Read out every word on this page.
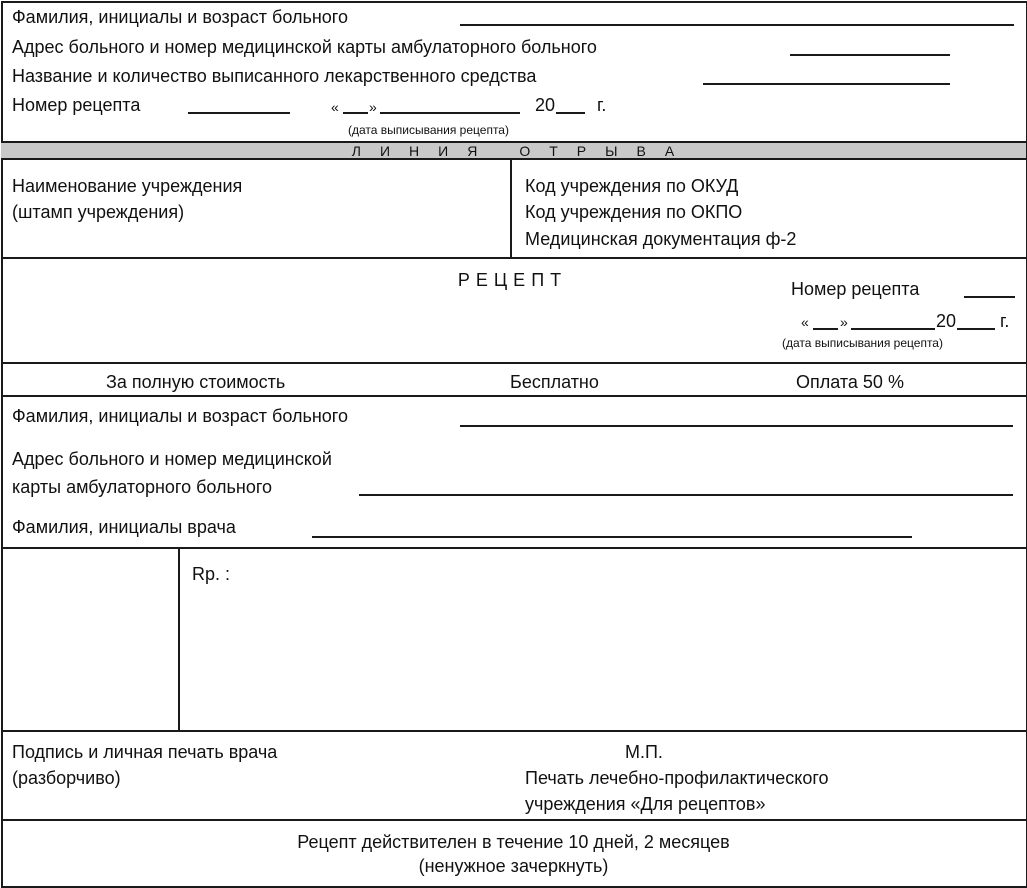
Фамилия, инициалы и возраст больного
Адрес больного и номер медицинской карты амбулаторного больного
Название и количество выписанного лекарственного средства
Номер рецепта	« »	20 г.
(дата выписывания рецепта)
Л И Н И Я	О Т Р Ы В А
Наименование учреждения
(штамп учреждения)
Код учреждения по ОКУД
Код учреждения по ОКПО
Медицинская документация ф-2
РЕЦЕПТ	Номер рецепта
« »	20 г.
(дата выписывания рецепта)
За полную стоимость	Бесплатно	Оплата 50 %
Фамилия, инициалы и возраст больного
Адрес больного и номер медицинской
карты амбулаторного больного
Фамилия, инициалы врача
Rp. :
Подпись и личная печать врача
(разборчиво)
М.П.
Печать лечебно-профилактического
учреждения «Для рецептов»
Рецепт действителен в течение 10 дней, 2 месяцев
(ненужное зачеркнуть)
